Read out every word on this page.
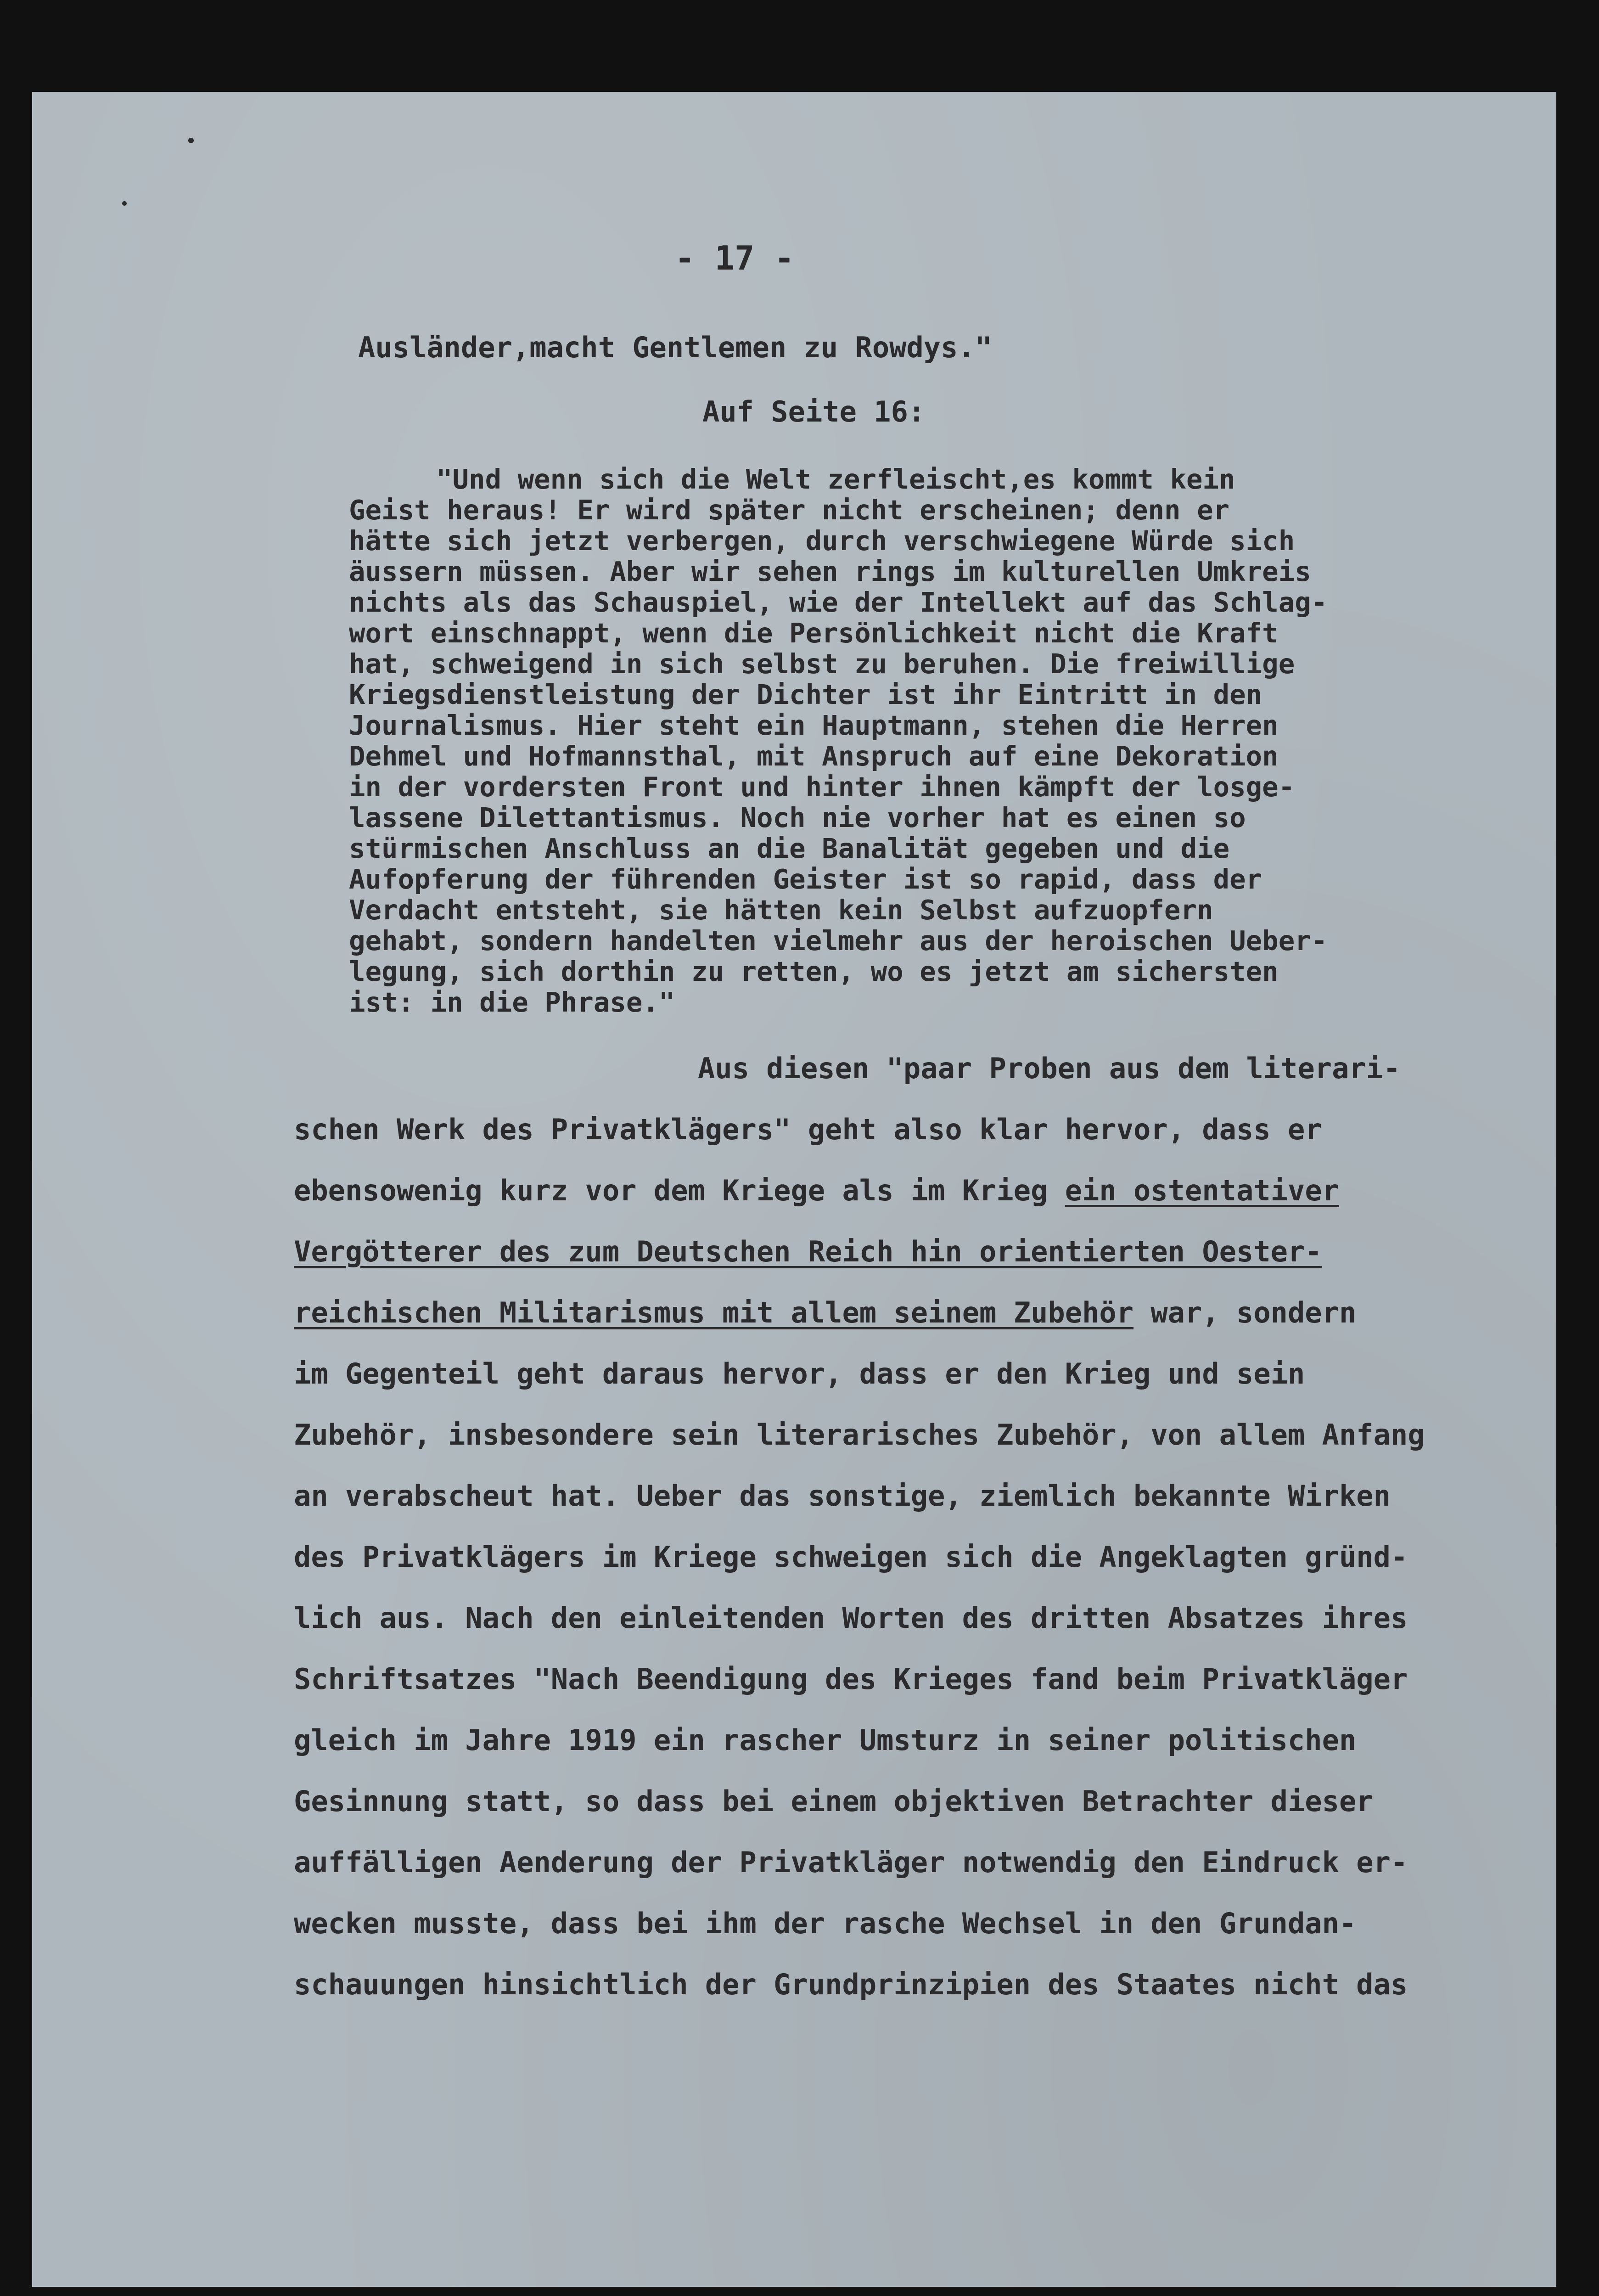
- 17 -
Ausländer,macht Gentlemen zu Rowdys."
Auf Seite 16:
"Und wenn sich die Welt zerfleischt,es kommt kein
Geist heraus! Er wird später nicht erscheinen; denn er
hätte sich jetzt verbergen, durch verschwiegene Würde sich
äussern müssen. Aber wir sehen rings im kulturellen Umkreis
nichts als das Schauspiel, wie der Intellekt auf das Schlag-
wort einschnappt, wenn die Persönlichkeit nicht die Kraft
hat, schweigend in sich selbst zu beruhen. Die freiwillige
Kriegsdienstleistung der Dichter ist ihr Eintritt in den
Journalismus. Hier steht ein Hauptmann, stehen die Herren
Dehmel und Hofmannsthal, mit Anspruch auf eine Dekoration
in der vordersten Front und hinter ihnen kämpft der losge-
lassene Dilettantismus. Noch nie vorher hat es einen so
stürmischen Anschluss an die Banalität gegeben und die
Aufopferung der führenden Geister ist so rapid, dass der
Verdacht entsteht, sie hätten kein Selbst aufzuopfern
gehabt, sondern handelten vielmehr aus der heroischen Ueber-
legung, sich dorthin zu retten, wo es jetzt am sichersten
ist: in die Phrase."
Aus diesen "paar Proben aus dem literari-
schen Werk des Privatklägers" geht also klar hervor, dass er
ebensowenig kurz vor dem Kriege als im Krieg ein ostentativer
Vergötterer des zum Deutschen Reich hin orientierten Oester-
reichischen Militarismus mit allem seinem Zubehör war, sondern
im Gegenteil geht daraus hervor, dass er den Krieg und sein
Zubehör, insbesondere sein literarisches Zubehör, von allem Anfang
an verabscheut hat. Ueber das sonstige, ziemlich bekannte Wirken
des Privatklägers im Kriege schweigen sich die Angeklagten gründ-
lich aus. Nach den einleitenden Worten des dritten Absatzes ihres
Schriftsatzes "Nach Beendigung des Krieges fand beim Privatkläger
gleich im Jahre 1919 ein rascher Umsturz in seiner politischen
Gesinnung statt, so dass bei einem objektiven Betrachter dieser
auffälligen Aenderung der Privatkläger notwendig den Eindruck er-
wecken musste, dass bei ihm der rasche Wechsel in den Grundan-
schauungen hinsichtlich der Grundprinzipien des Staates nicht das
